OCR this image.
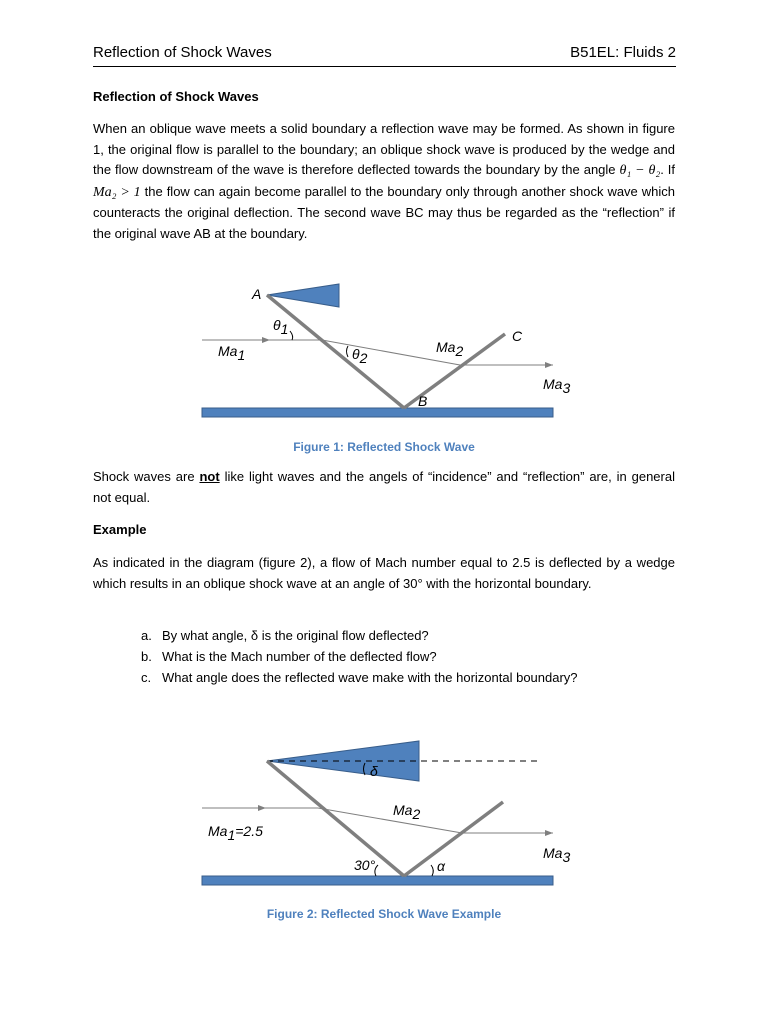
Reflection of Shock Waves	B51EL: Fluids 2
Reflection of Shock Waves
When an oblique wave meets a solid boundary a reflection wave may be formed. As shown in figure 1, the original flow is parallel to the boundary; an oblique shock wave is produced by the wedge and the flow downstream of the wave is therefore deflected towards the boundary by the angle θ₁ − θ₂. If Ma₂ > 1 the flow can again become parallel to the boundary only through another shock wave which counteracts the original deflection. The second wave BC may thus be regarded as the “reflection” if the original wave AB at the boundary.
A
θ1
Ma1	θ2
Ma2
C
Ma3
B
Figure 1: Reflected Shock Wave
Shock waves are not like light waves and the angels of “incidence” and “reflection” are, in general not equal.
Example
As indicated in the diagram (figure 2), a flow of Mach number equal to 2.5 is deflected by a wedge which results in an oblique shock wave at an angle of 30° with the horizontal boundary.
a. By what angle, δ is the original flow deflected?
b. What is the Mach number of the deflected flow?
c. What angle does the reflected wave make with the horizontal boundary?
δ
Ma2
Ma1=2.5
Ma3
30°	α
Figure 2: Reflected Shock Wave Example
